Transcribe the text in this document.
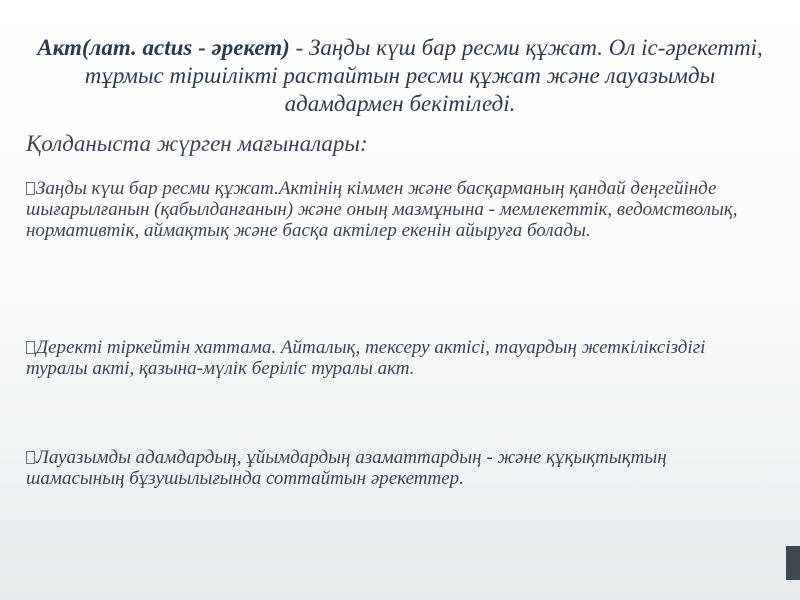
Акт(лат. actus - әрекет) - Заңды күш бар ресми құжат. Ол іс-әрекетті, тұрмыс тіршілікті растайтын ресми құжат және лауазымды адамдармен бекітіледі.
Қолданыста жүрген мағыналары:
Заңды күш бар ресми құжат.Актінің кіммен және басқарманың қандай деңгейінде шығарылғанын (қабылданғанын) және оның мазмұнына - мемлекеттік, ведомстволық, нормативтік, аймақтық және басқа актілер екенін айыруға болады.
Деректі тіркейтін хаттама. Айталық, тексеру актісі, тауардың жеткіліксіздігі туралы акті, қазына-мүлік беріліс туралы акт.
Лауазымды адамдардың, ұйымдардың азаматтардың - және құқықтықтың шамасының бұзушылығында соттайтын әрекеттер.
